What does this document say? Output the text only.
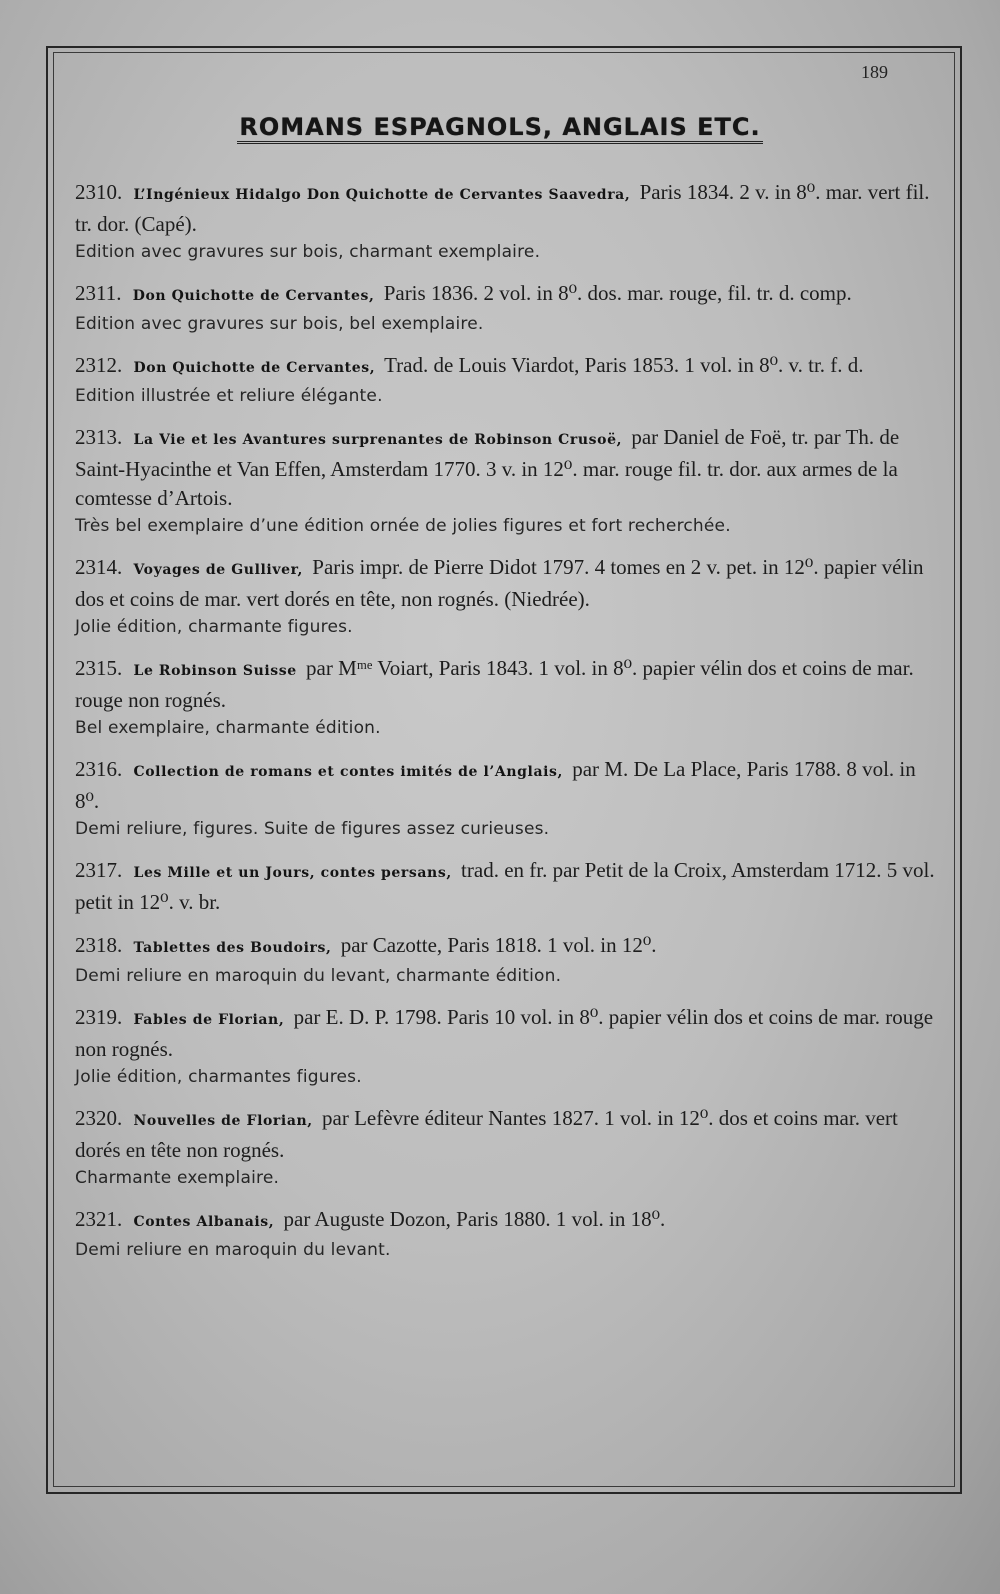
189
ROMANS ESPAGNOLS, ANGLAIS ETC.
2310. L’Ingénieux Hidalgo Don Quichotte de Cervantes Saavedra, Paris 1834. 2 v. in 8⁰. mar. vert fil. tr. dor. (Capé).
Edition avec gravures sur bois, charmant exemplaire.
2311. Don Quichotte de Cervantes, Paris 1836. 2 vol. in 8⁰. dos. mar. rouge, fil. tr. d. comp.
Edition avec gravures sur bois, bel exemplaire.
2312. Don Quichotte de Cervantes, Trad. de Louis Viardot, Paris 1853. 1 vol. in 8⁰. v. tr. f. d.
Edition illustrée et reliure élégante.
2313. La Vie et les Avantures surprenantes de Robinson Crusoë, par Daniel de Foë, tr. par Th. de Saint-Hyacinthe et Van Effen, Amsterdam 1770. 3 v. in 12⁰. mar. rouge fil. tr. dor. aux armes de la comtesse d’Artois.
Très bel exemplaire d’une édition ornée de jolies figures et fort recherchée.
2314. Voyages de Gulliver, Paris impr. de Pierre Didot 1797. 4 tomes en 2 v. pet. in 12⁰. papier vélin dos et coins de mar. vert dorés en tête, non rognés. (Niedrée).
Jolie édition, charmante figures.
2315. Le Robinson Suisse par Mᵐᵉ Voiart, Paris 1843. 1 vol. in 8⁰. papier vélin dos et coins de mar. rouge non rognés.
Bel exemplaire, charmante édition.
2316. Collection de romans et contes imités de l’Anglais, par M. De La Place, Paris 1788. 8 vol. in 8⁰.
Demi reliure, figures. Suite de figures assez curieuses.
2317. Les Mille et un Jours, contes persans, trad. en fr. par Petit de la Croix, Amsterdam 1712. 5 vol. petit in 12⁰. v. br.
2318. Tablettes des Boudoirs, par Cazotte, Paris 1818. 1 vol. in 12⁰.
Demi reliure en maroquin du levant, charmante édition.
2319. Fables de Florian, par E. D. P. 1798. Paris 10 vol. in 8⁰. papier vélin dos et coins de mar. rouge non rognés.
Jolie édition, charmantes figures.
2320. Nouvelles de Florian, par Lefèvre éditeur Nantes 1827. 1 vol. in 12⁰. dos et coins mar. vert dorés en tête non rognés.
Charmante exemplaire.
2321. Contes Albanais, par Auguste Dozon, Paris 1880. 1 vol. in 18⁰.
Demi reliure en maroquin du levant.
